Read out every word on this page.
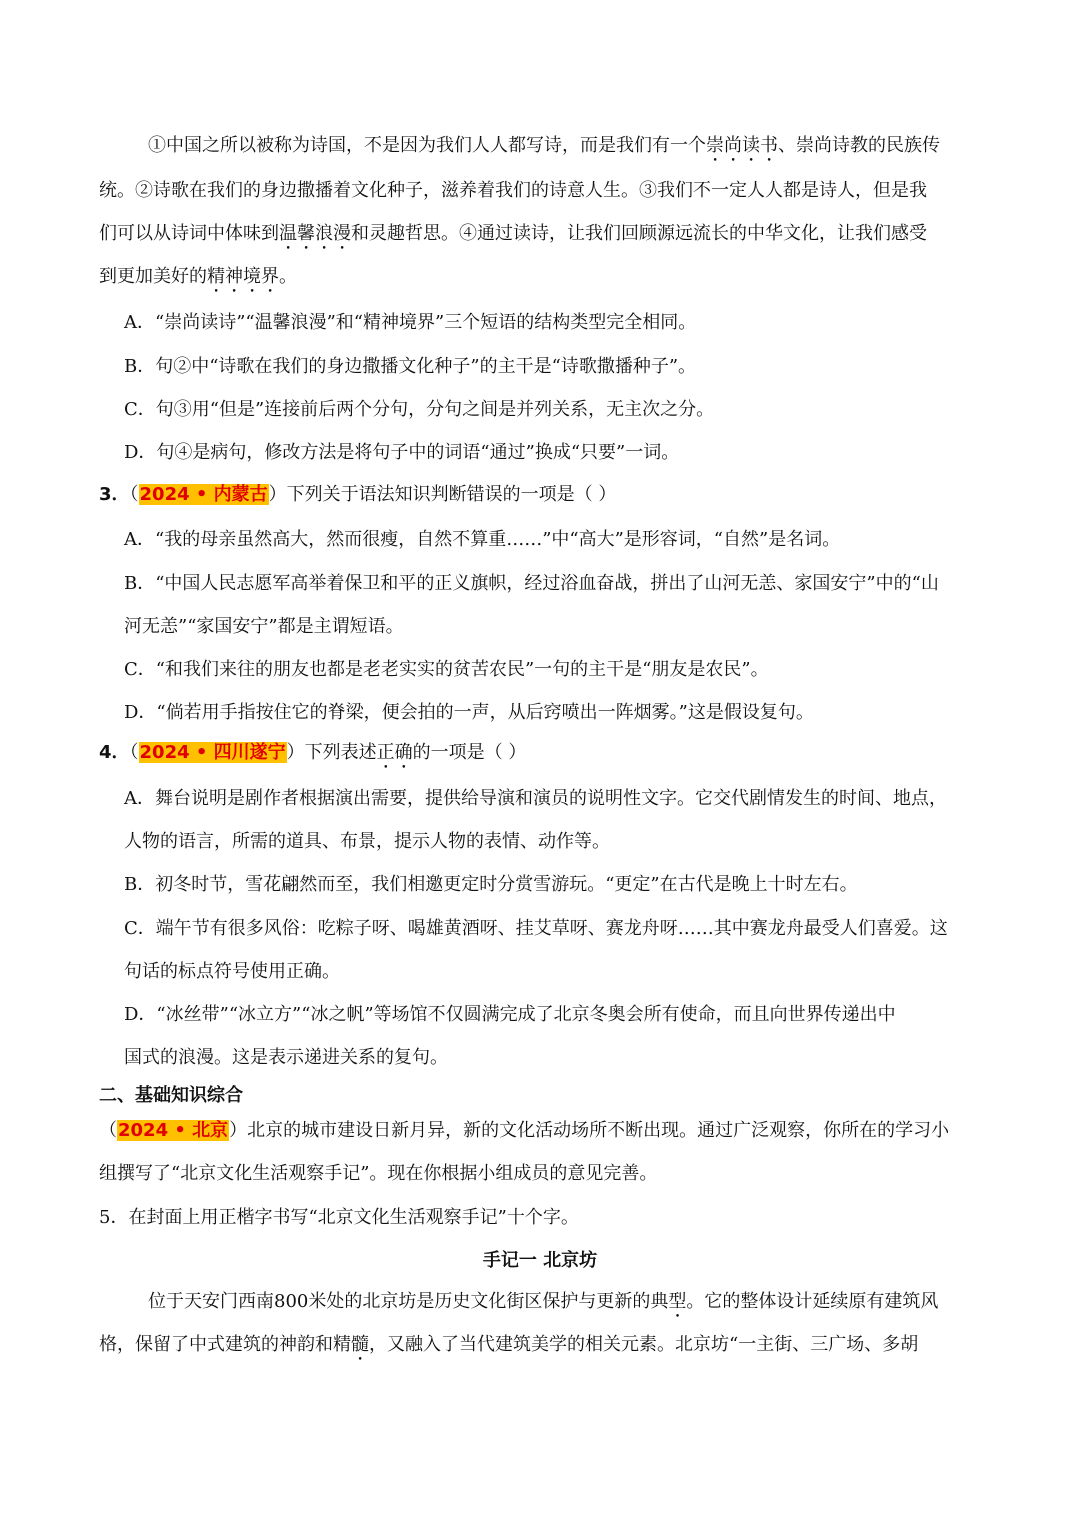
①中国之所以被称为诗国，不是因为我们人人都写诗，而是我们有一个崇尚读书、崇尚诗教的民族传
统。②诗歌在我们的身边撒播着文化种子，滋养着我们的诗意人生。③我们不一定人人都是诗人，但是我
们可以从诗词中体味到温馨浪漫和灵趣哲思。④通过读诗，让我们回顾源远流长的中华文化，让我们感受
到更加美好的精神境界。
A．“崇尚读诗”“温馨浪漫”和“精神境界”三个短语的结构类型完全相同。
B．句②中“诗歌在我们的身边撒播文化种子”的主干是“诗歌撒播种子”。
C．句③用“但是”连接前后两个分句，分句之间是并列关系，无主次之分。
D．句④是病句，修改方法是将句子中的词语“通过”换成“只要”一词。
3．（2024 • 内蒙古）下列关于语法知识判断错误的一项是（ ）
A．“我的母亲虽然高大，然而很瘦，自然不算重……”中“高大”是形容词，“自然”是名词。
B．“中国人民志愿军高举着保卫和平的正义旗帜，经过浴血奋战，拼出了山河无恙、家国安宁”中的“山
河无恙”“家国安宁”都是主谓短语。
C．“和我们来往的朋友也都是老老实实的贫苦农民”一句的主干是“朋友是农民”。
D．“倘若用手指按住它的脊梁，便会拍的一声，从后窍喷出一阵烟雾。”这是假设复句。
4．（2024 • 四川遂宁）下列表述正确的一项是（ ）
A．舞台说明是剧作者根据演出需要，提供给导演和演员的说明性文字。它交代剧情发生的时间、地点，
人物的语言，所需的道具、布景，提示人物的表情、动作等。
B．初冬时节，雪花翩然而至，我们相邀更定时分赏雪游玩。“更定”在古代是晚上十时左右。
C．端午节有很多风俗：吃粽子呀、喝雄黄酒呀、挂艾草呀、赛龙舟呀……其中赛龙舟最受人们喜爱。这
句话的标点符号使用正确。
D．“冰丝带”“冰立方”“冰之帆”等场馆不仅圆满完成了北京冬奥会所有使命，而且向世界传递出中
国式的浪漫。这是表示递进关系的复句。
二、基础知识综合
（2024 • 北京）北京的城市建设日新月异，新的文化活动场所不断出现。通过广泛观察，你所在的学习小
组撰写了“北京文化生活观察手记”。现在你根据小组成员的意见完善。
5．在封面上用正楷字书写“北京文化生活观察手记”十个字。
手记一 北京坊
位于天安门西南800米处的北京坊是历史文化街区保护与更新的典型。它的整体设计延续原有建筑风
格，保留了中式建筑的神韵和精髓，又融入了当代建筑美学的相关元素。北京坊“一主街、三广场、多胡
